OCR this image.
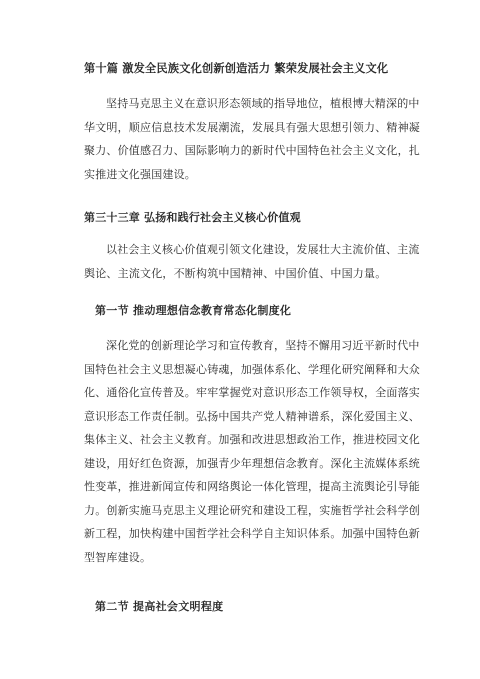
第十篇 激发全民族文化创新创造活力 繁荣发展社会主义文化

坚持马克思主义在意识形态领域的指导地位，植根博大精深的中
华文明，顺应信息技术发展潮流，发展具有强大思想引领力、精神凝
聚力、价值感召力、国际影响力的新时代中国特色社会主义文化，扎
实推进文化强国建设。

第三十三章 弘扬和践行社会主义核心价值观

以社会主义核心价值观引领文化建设，发展壮大主流价值、主流
舆论、主流文化，不断构筑中国精神、中国价值、中国力量。

第一节 推动理想信念教育常态化制度化

深化党的创新理论学习和宣传教育，坚持不懈用习近平新时代中
国特色社会主义思想凝心铸魂，加强体系化、学理化研究阐释和大众
化、通俗化宣传普及。牢牢掌握党对意识形态工作领导权，全面落实
意识形态工作责任制。弘扬中国共产党人精神谱系，深化爱国主义、
集体主义、社会主义教育。加强和改进思想政治工作，推进校园文化
建设，用好红色资源，加强青少年理想信念教育。深化主流媒体系统
性变革，推进新闻宣传和网络舆论一体化管理，提高主流舆论引导能
力。创新实施马克思主义理论研究和建设工程，实施哲学社会科学创
新工程，加快构建中国哲学社会科学自主知识体系。加强中国特色新
型智库建设。

第二节 提高社会文明程度
